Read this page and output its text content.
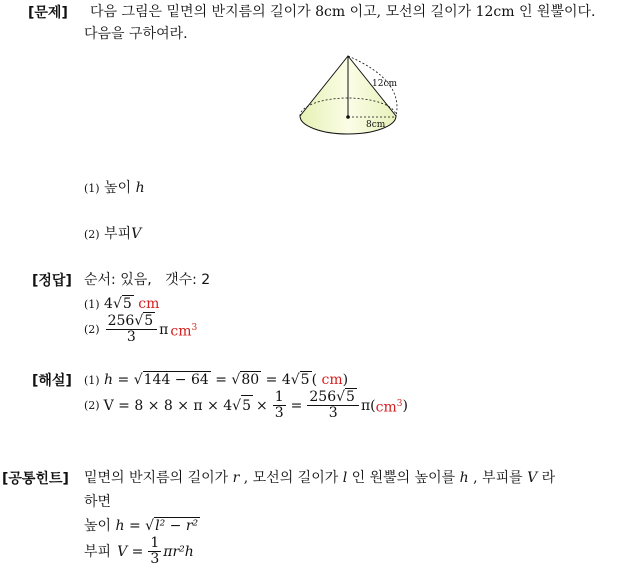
[문제] 다음 그림은 밑면의 반지름의 길이가 8cm 이고, 모선의 길이가 12cm 인 원뿔이다.
다음을 구하여라.
12cm
8cm
(1) 높이 h
(2) 부피V
[정답] 순서: 있음,   갯수: 2
(1) 4√5 cm
$(2) \frac{256√5}{3}$ π $cm^3$
[해설] (1) h = √144 − 64 = √80 = 4√5 ( cm)
(2) V = 8 × 8 × π × 4 √ $5 \times \frac{1}{3} = \frac{256√5}{3} \pi$( $cm^3$ )
[공통힌트] 밑면의 반지름의 길이가 r , 모선의 길이가 l 인 원뿔의 높이를 h , 부피를 V 라
하면
높이 h = √l² − r²
부피 $V = \frac{1}{3} \pi r^2h$
